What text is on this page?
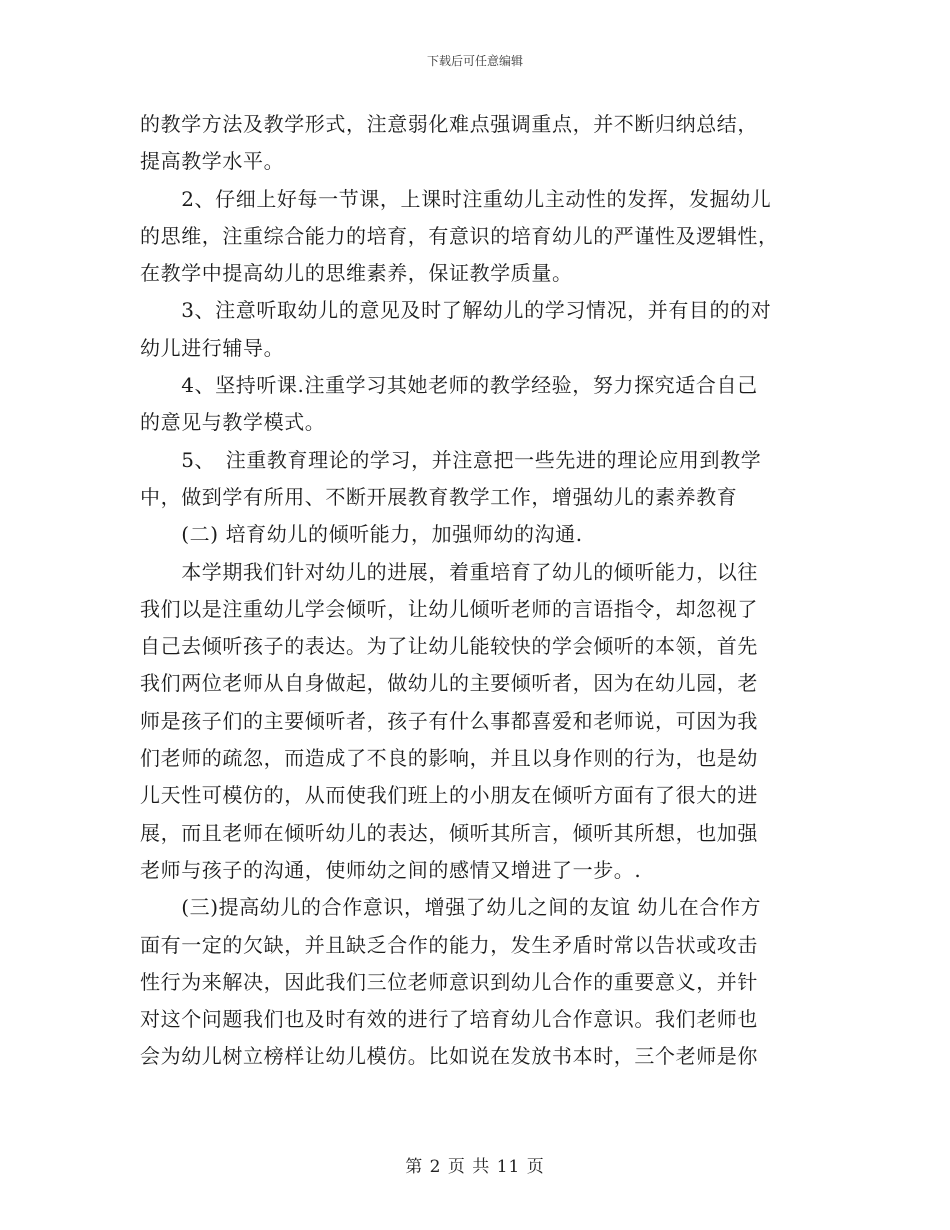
下载后可任意编辑
的教学方法及教学形式，注意弱化难点强调重点，并不断归纳总结，
提高教学水平。
　　2、仔细上好每一节课，上课时注重幼儿主动性的发挥，发掘幼儿
的思维，注重综合能力的培育，有意识的培育幼儿的严谨性及逻辑性，
在教学中提高幼儿的思维素养，保证教学质量。
　　3、注意听取幼儿的意见及时了解幼儿的学习情况，并有目的的对
幼儿进行辅导。
　　4、坚持听课.注重学习其她老师的教学经验，努力探究适合自己
的意见与教学模式。
　　5、　注重教育理论的学习，并注意把一些先进的理论应用到教学
中，做到学有所用、不断开展教育教学工作，增强幼儿的素养教育
　　(二) 培育幼儿的倾听能力，加强师幼的沟通.
　　本学期我们针对幼儿的进展，着重培育了幼儿的倾听能力，以往
我们以是注重幼儿学会倾听，让幼儿倾听老师的言语指令，却忽视了
自己去倾听孩子的表达。为了让幼儿能较快的学会倾听的本领，首先
我们两位老师从自身做起，做幼儿的主要倾听者，因为在幼儿园，老
师是孩子们的主要倾听者，孩子有什么事都喜爱和老师说，可因为我
们老师的疏忽，而造成了不良的影响，并且以身作则的行为，也是幼
儿天性可模仿的，从而使我们班上的小朋友在倾听方面有了很大的进
展，而且老师在倾听幼儿的表达，倾听其所言，倾听其所想，也加强
老师与孩子的沟通，使师幼之间的感情又增进了一步。.
　　(三)提高幼儿的合作意识，增强了幼儿之间的友谊 幼儿在合作方
面有一定的欠缺，并且缺乏合作的能力，发生矛盾时常以告状或攻击
性行为来解决，因此我们三位老师意识到幼儿合作的重要意义，并针
对这个问题我们也及时有效的进行了培育幼儿合作意识。我们老师也
会为幼儿树立榜样让幼儿模仿。比如说在发放书本时，三个老师是你
第 2 页 共 11 页
